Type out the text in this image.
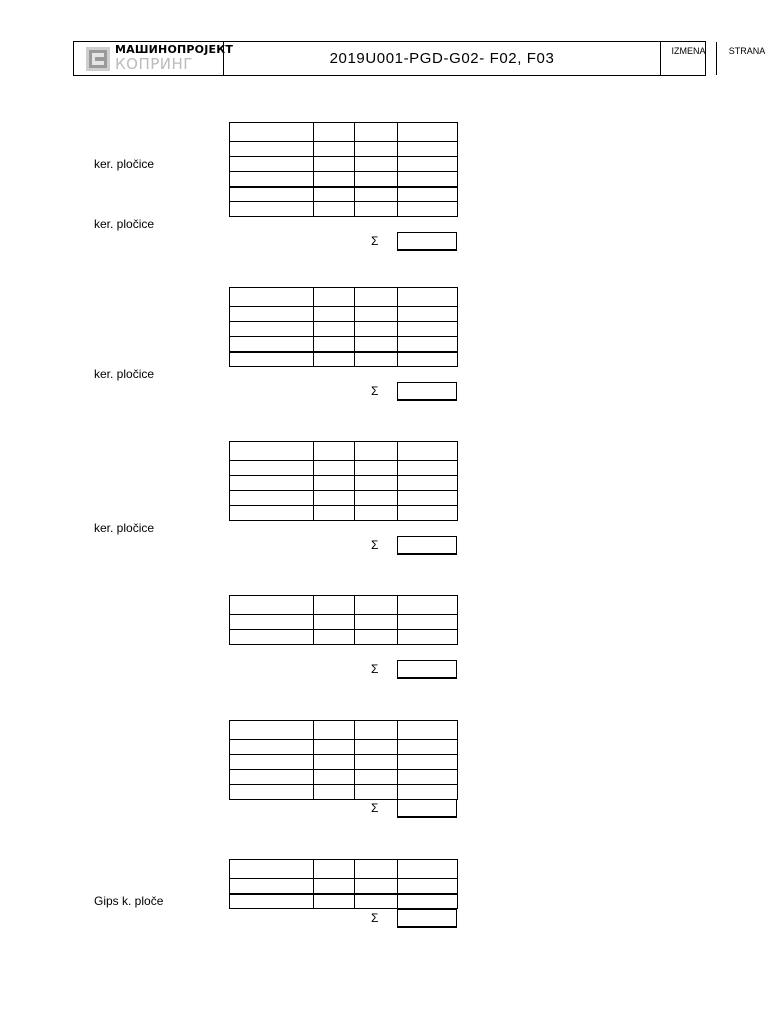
МАШИНОПРОЈЕКТ
КОПРИНГ	2019U001-PGD-G02- F02, F03	IZMENA	STRANA
ker. pločice
ker. pločice

Σ
ker. pločice

Σ
ker. pločice

Σ

Σ

Σ
Gips k. ploče

Σ
